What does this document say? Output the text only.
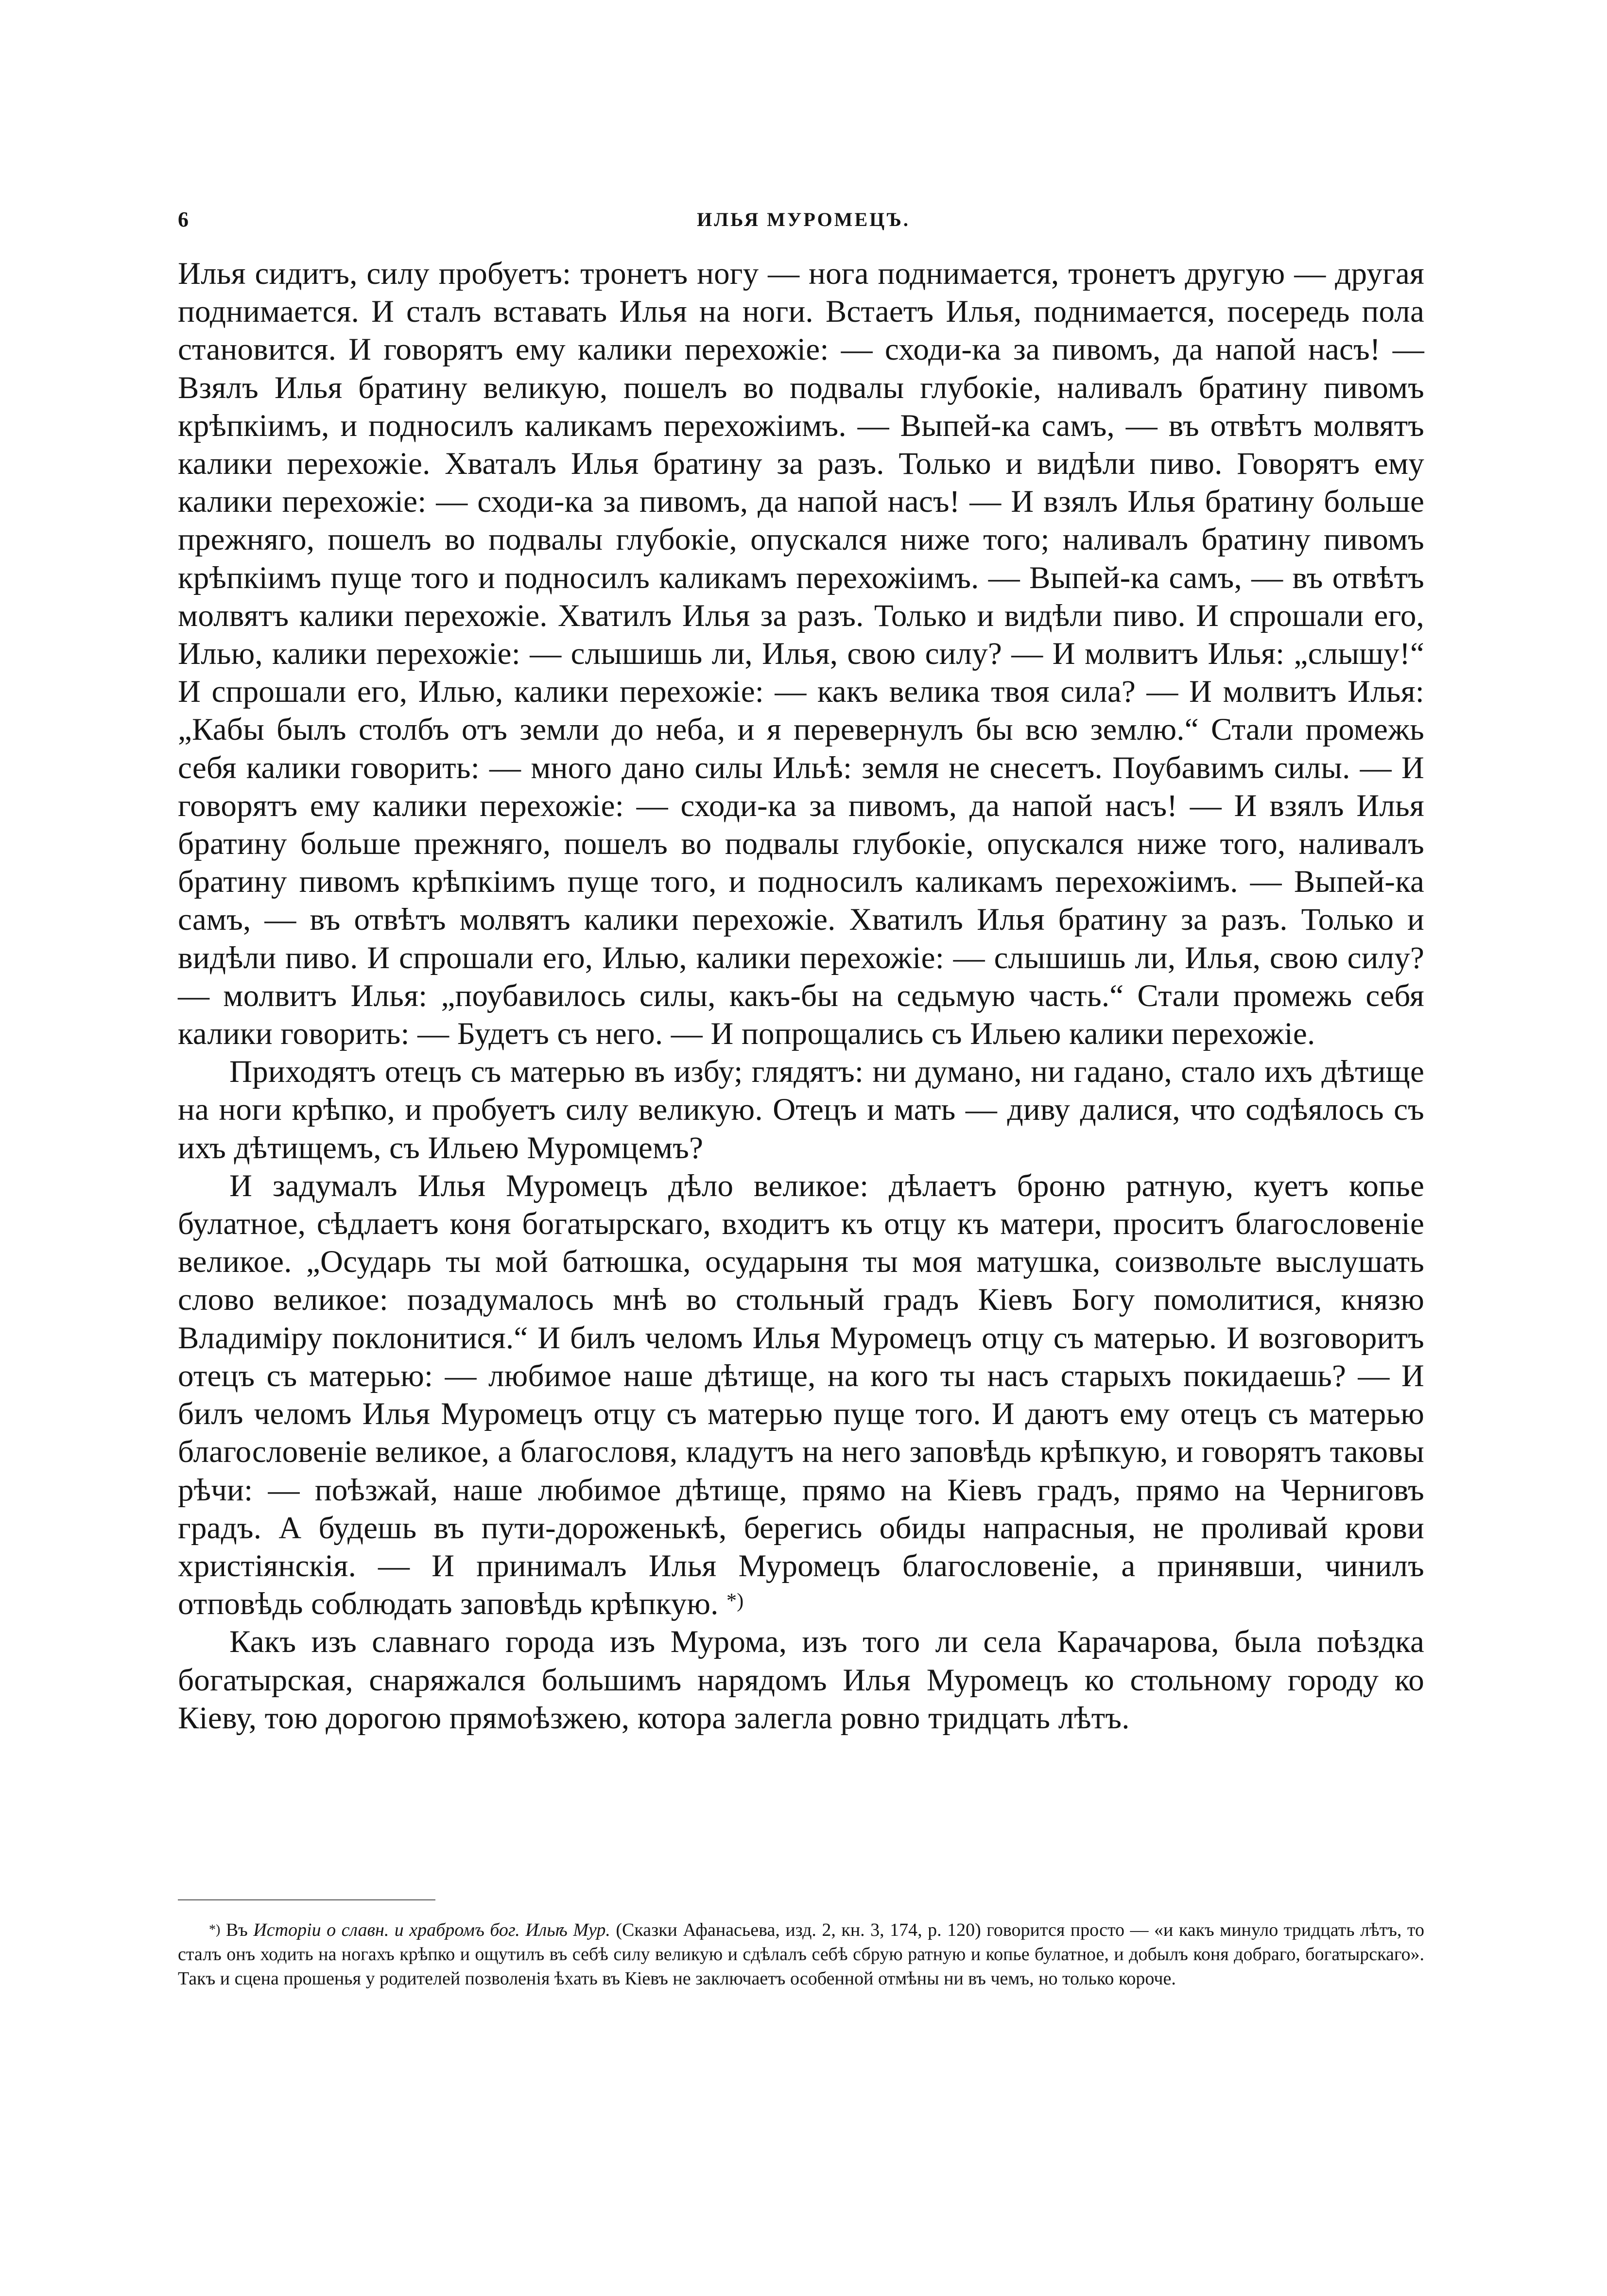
6	ИЛЬЯ МУРОМЕЦЪ.

Илья сидитъ, силу пробуетъ: тронетъ ногу — нога поднимается, тронетъ другую — другая поднимается. И сталъ вставать Илья на ноги. Встаетъ Илья, поднимается, посередь пола становится. И говорятъ ему калики перехожіе: — сходи-ка за пивомъ, да напой насъ! — Взялъ Илья братину великую, пошелъ во подвалы глубокіе, наливалъ братину пивомъ крѣпкіимъ, и подносилъ каликамъ перехожіимъ. — Выпей-ка самъ, — въ отвѣтъ молвятъ калики перехожіе. Хваталъ Илья братину за разъ. Только и видѣли пиво. Говорятъ ему калики перехожіе: — сходи-ка за пивомъ, да напой насъ! — И взялъ Илья братину больше прежняго, пошелъ во подвалы глубокіе, опускался ниже того; наливалъ братину пивомъ крѣпкіимъ пуще того и подносилъ каликамъ перехожіимъ. — Выпей-ка самъ, — въ отвѣтъ молвятъ калики перехожіе. Хватилъ Илья за разъ. Только и видѣли пиво. И спрошали его, Илью, калики перехожіе: — слышишь ли, Илья, свою силу? — И молвитъ Илья: „слышу!“ И спрошали его, Илью, калики перехожіе: — какъ велика твоя сила? — И молвитъ Илья: „Кабы былъ столбъ отъ земли до неба, и я перевернулъ бы всю землю.“ Стали промежь себя калики говорить: — много дано силы Ильѣ: земля не снесетъ. Поубавимъ силы. — И говорятъ ему калики перехожіе: — сходи-ка за пивомъ, да напой насъ! — И взялъ Илья братину больше прежняго, пошелъ во подвалы глубокіе, опускался ниже того, наливалъ братину пивомъ крѣпкіимъ пуще того, и подносилъ каликамъ перехожіимъ. — Выпей-ка самъ, — въ отвѣтъ молвятъ калики перехожіе. Хватилъ Илья братину за разъ. Только и видѣли пиво. И спрошали его, Илью, калики перехожіе: — слышишь ли, Илья, свою силу? — молвитъ Илья: „поубавилось силы, какъ-бы на седьмую часть.“ Стали промежь себя калики говорить: — Будетъ съ него. — И попрощались съ Ильею калики перехожіе.

Приходятъ отецъ съ матерью въ избу; глядятъ: ни думано, ни гадано, стало ихъ дѣтище на ноги крѣпко, и пробуетъ силу великую. Отецъ и мать — диву далися, что содѣялось съ ихъ дѣтищемъ, съ Ильею Муромцемъ?

И задумалъ Илья Муромецъ дѣло великое: дѣлаетъ броню ратную, куетъ копье булатное, сѣдлаетъ коня богатырскаго, входитъ къ отцу къ матери, проситъ благословеніе великое. „Осударь ты мой батюшка, осударыня ты моя матушка, соизвольте выслушать слово великое: позадумалось мнѣ во стольный градъ Кіевъ Богу помолитися, князю Владиміру поклонитися.“ И билъ челомъ Илья Муромецъ отцу съ матерью. И возговоритъ отецъ съ матерью: — любимое наше дѣтище, на кого ты насъ старыхъ покидаешь? — И билъ челомъ Илья Муромецъ отцу съ матерью пуще того. И даютъ ему отецъ съ матерью благословеніе великое, а благословя, кладутъ на него заповѣдь крѣпкую, и говорятъ таковы рѣчи: — поѣзжай, наше любимое дѣтище, прямо на Кіевъ градъ, прямо на Черниговъ градъ. А будешь въ пути-дороженькѣ, берегись обиды напрасныя, не проливай крови христіянскія. — И принималъ Илья Муромецъ благословеніе, а принявши, чинилъ отповѣдь соблюдать заповѣдь крѣпкую. *)

Какъ изъ славнаго города изъ Мурома, изъ того ли села Карачарова, была поѣздка богатырская, снаряжался большимъ нарядомъ Илья Муромецъ ко стольному городу ко Кіеву, тою дорогою прямоѣзжею, котора залегла ровно тридцать лѣтъ.

*) Въ Исторіи о славн. и храбромъ бог. Ильѣ Мур. (Сказки Афанасьева, изд. 2, кн. 3, 174, р. 120) говорится просто — «и какъ минуло тридцать лѣтъ, то сталъ онъ ходить на ногахъ крѣпко и ощутилъ въ себѣ силу великую и сдѣлалъ себѣ сбрую ратную и копье булатное, и добылъ коня добраго, богатырскаго». Такъ и сцена прошенья у родителей позволенія ѣхать въ Кіевъ не заключаетъ особенной отмѣны ни въ чемъ, но только короче.
